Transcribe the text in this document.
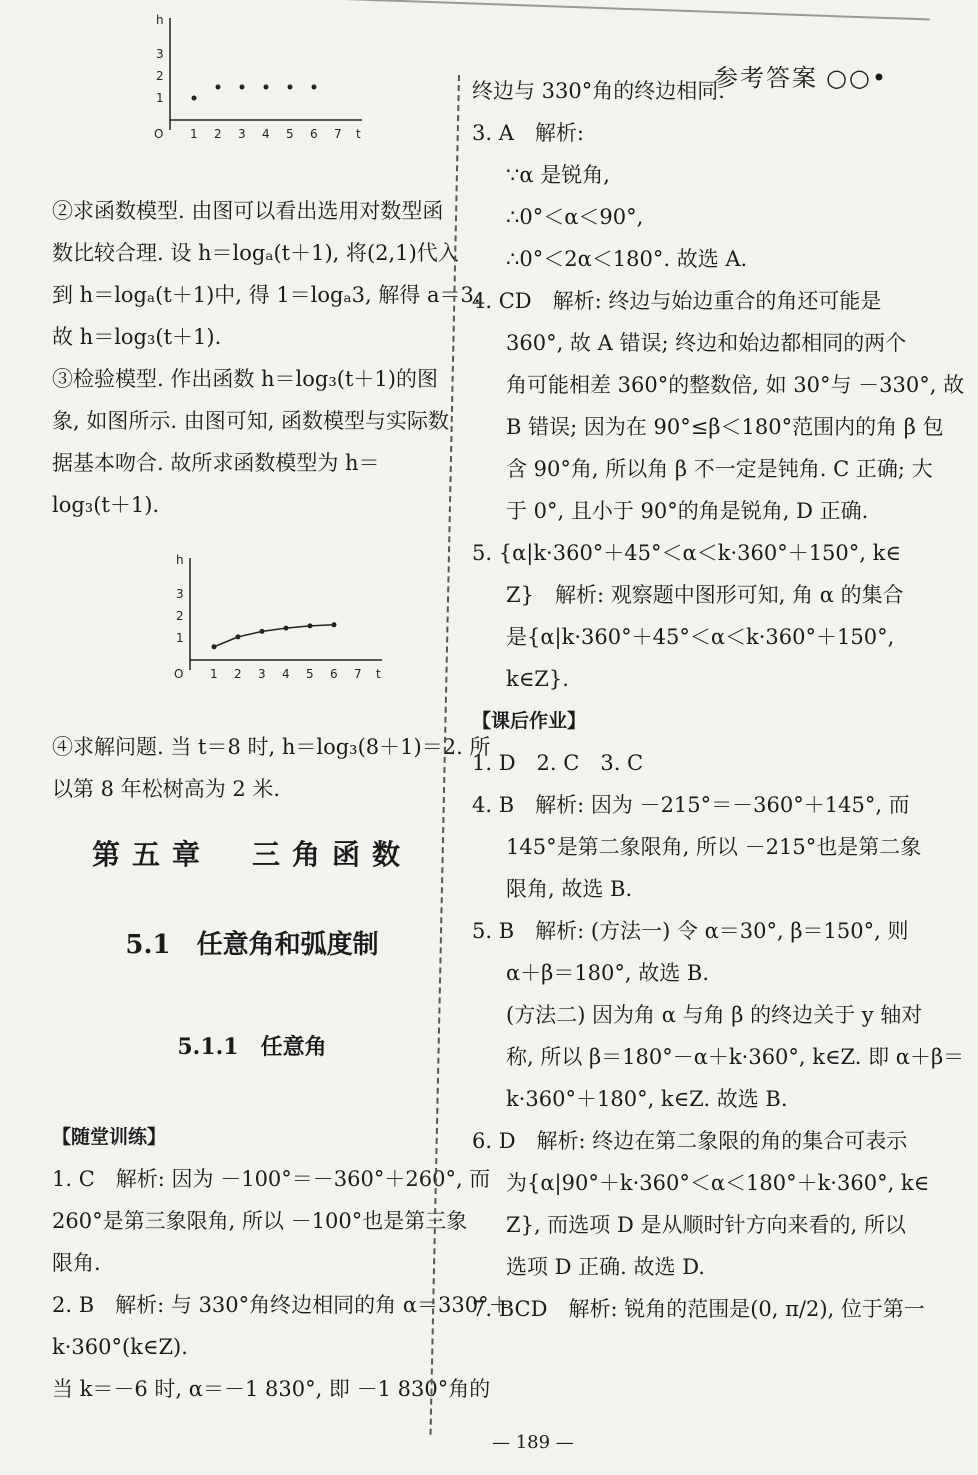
参考答案 ○○•
h
t
O
1
2
3
1 2 3 4 5 6 7

②求函数模型. 由图可以看出选用对数型函

数比较合理. 设 h＝logₐ(t＋1), 将(2,1)代入

到 h＝logₐ(t＋1)中, 得 1＝logₐ3, 解得 a＝3.

故 h＝log₃(t＋1).

③检验模型. 作出函数 h＝log₃(t＋1)的图

象, 如图所示. 由图可知, 函数模型与实际数

据基本吻合. 故所求函数模型为 h＝

log₃(t＋1).

④求解问题. 当 t＝8 时, h＝log₃(8＋1)＝2. 所

以第 8 年松树高为 2 米.

第五章　三角函数

5.1　任意角和弧度制

5.1.1　任意角

【随堂训练】

1. C　解析: 因为 －100°＝－360°＋260°, 而

260°是第三象限角, 所以 －100°也是第三象

限角.

2. B　解析: 与 330°角终边相同的角 α＝330°＋

k·360°(k∈Z).

当 k＝－6 时, α＝－1 830°, 即 －1 830°角的

h
t
O
1
2
3
1 2 3 4 5 6 7

终边与 330°角的终边相同.

3. A　解析:

∵α 是锐角,

∴0°＜α＜90°,

∴0°＜2α＜180°. 故选 A.

4. CD　解析: 终边与始边重合的角还可能是

360°, 故 A 错误; 终边和始边都相同的两个

角可能相差 360°的整数倍, 如 30°与 －330°, 故

B 错误; 因为在 90°≤β＜180°范围内的角 β 包

含 90°角, 所以角 β 不一定是钝角. C 正确; 大

于 0°, 且小于 90°的角是锐角, D 正确.

5. {α|k·360°＋45°＜α＜k·360°＋150°, k∈

Z}　解析: 观察题中图形可知, 角 α 的集合

是{α|k·360°＋45°＜α＜k·360°＋150°,

k∈Z}.

【课后作业】

1. D　2. C　3. C

4. B　解析: 因为 －215°＝－360°＋145°, 而

145°是第二象限角, 所以 －215°也是第二象

限角, 故选 B.

5. B　解析: (方法一) 令 α＝30°, β＝150°, 则

α＋β＝180°, 故选 B.

(方法二) 因为角 α 与角 β 的终边关于 y 轴对

称, 所以 β＝180°－α＋k·360°, k∈Z. 即 α＋β＝

k·360°＋180°, k∈Z. 故选 B.

6. D　解析: 终边在第二象限的角的集合可表示

为{α|90°＋k·360°＜α＜180°＋k·360°, k∈

Z}, 而选项 D 是从顺时针方向来看的, 所以

选项 D 正确. 故选 D.

7. BCD　解析: 锐角的范围是(0, π/2), 位于第一

— 189 —
